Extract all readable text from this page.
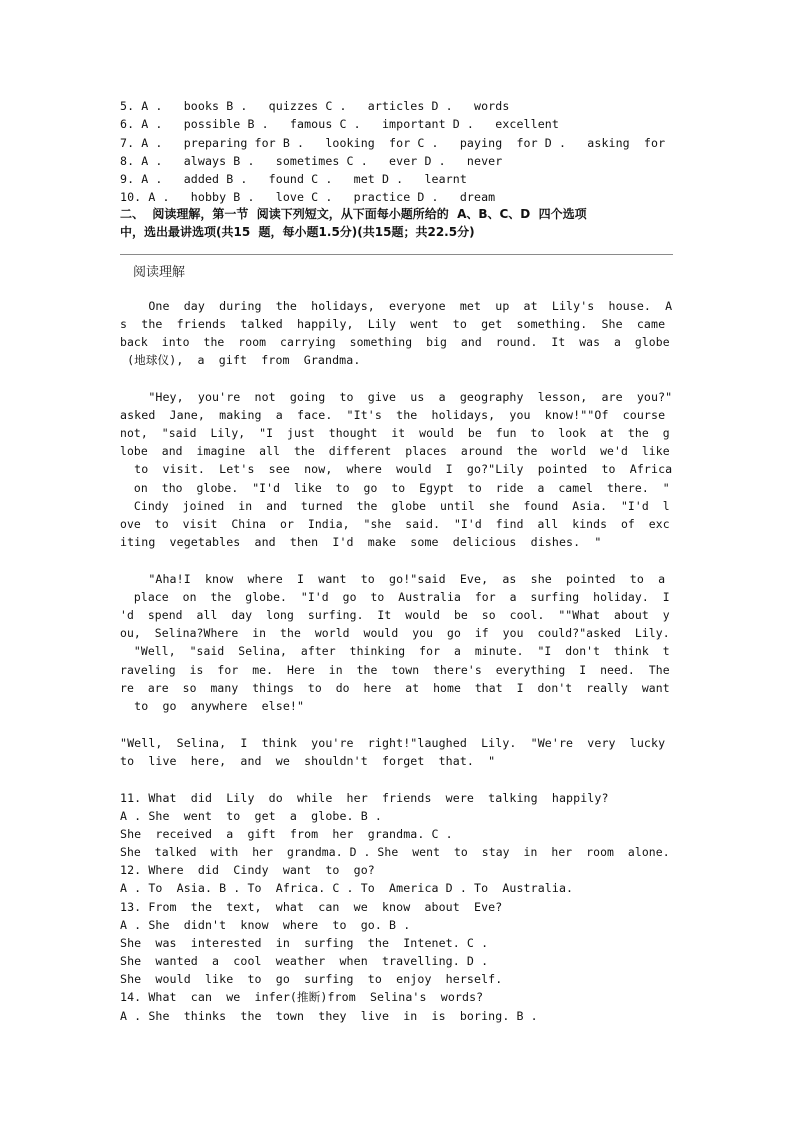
5. A .   books B .   quizzes C .   articles D .   words
6. A .   possible B .   famous C .   important D .   excellent
7. A .   preparing for B .   looking  for C .   paying  for D .   asking  for
8. A .   always B .   sometimes C .   ever D .   never
9. A .   added B .   found C .   met D .   learnt
10. A .   hobby B .   love C .   practice D .   dream
二、  阅读理解，第一节  阅读下列短文，从下面每小题所给的  A、B、C、D  四个选项
中，选出最讲选项(共15  题，每小题1.5分)(共15题；共22.5分)
阅读理解
One  day  during  the  holidays,  everyone  met  up  at  Lily's  house.  A
s  the  friends  talked  happily,  Lily  went  to  get  something.  She  came
back  into  the  room  carrying  something  big  and  round.  It  was  a  globe
(地球仪),  a  gift  from  Grandma.
"Hey,  you're  not  going  to  give  us  a  geography  lesson,  are  you?"
asked  Jane,  making  a  face.  "It's  the  holidays,  you  know!""Of  course
not,  "said  Lily,  "I  just  thought  it  would  be  fun  to  look  at  the  g
lobe  and  imagine  all  the  different  places  around  the  world  we'd  like
to  visit.  Let's  see  now,  where  would  I  go?"Lily  pointed  to  Africa
on  tho  globe.  "I'd  like  to  go  to  Egypt  to  ride  a  camel  there.  "
Cindy  joined  in  and  turned  the  globe  until  she  found  Asia.  "I'd  l
ove  to  visit  China  or  India,  "she  said.  "I'd  find  all  kinds  of  exc
iting  vegetables  and  then  I'd  make  some  delicious  dishes.  "
"Aha!I  know  where  I  want  to  go!"said  Eve,  as  she  pointed  to  a
place  on  the  globe.  "I'd  go  to  Australia  for  a  surfing  holiday.  I
'd  spend  all  day  long  surfing.  It  would  be  so  cool.  ""What  about  y
ou,  Selina?Where  in  the  world  would  you  go  if  you  could?"asked  Lily.
"Well,  "said  Selina,  after  thinking  for  a  minute.  "I  don't  think  t
raveling  is  for  me.  Here  in  the  town  there's  everything  I  need.  The
re  are  so  many  things  to  do  here  at  home  that  I  don't  really  want
to  go  anywhere  else!"
"Well,  Selina,  I  think  you're  right!"laughed  Lily.  "We're  very  lucky
to  live  here,  and  we  shouldn't  forget  that.  "
11. What  did  Lily  do  while  her  friends  were  talking  happily?
A . She  went  to  get  a  globe. B .
She  received  a  gift  from  her  grandma. C .
She  talked  with  her  grandma. D . She  went  to  stay  in  her  room  alone.
12. Where  did  Cindy  want  to  go?
A . To  Asia. B . To  Africa. C . To  America D . To  Australia.
13. From  the  text,  what  can  we  know  about  Eve?
A . She  didn't  know  where  to  go. B .
She  was  interested  in  surfing  the  Intenet. C .
She  wanted  a  cool  weather  when  travelling. D .
She  would  like  to  go  surfing  to  enjoy  herself.
14. What  can  we  infer(推断)from  Selina's  words?
A . She  thinks  the  town  they  live  in  is  boring. B .
